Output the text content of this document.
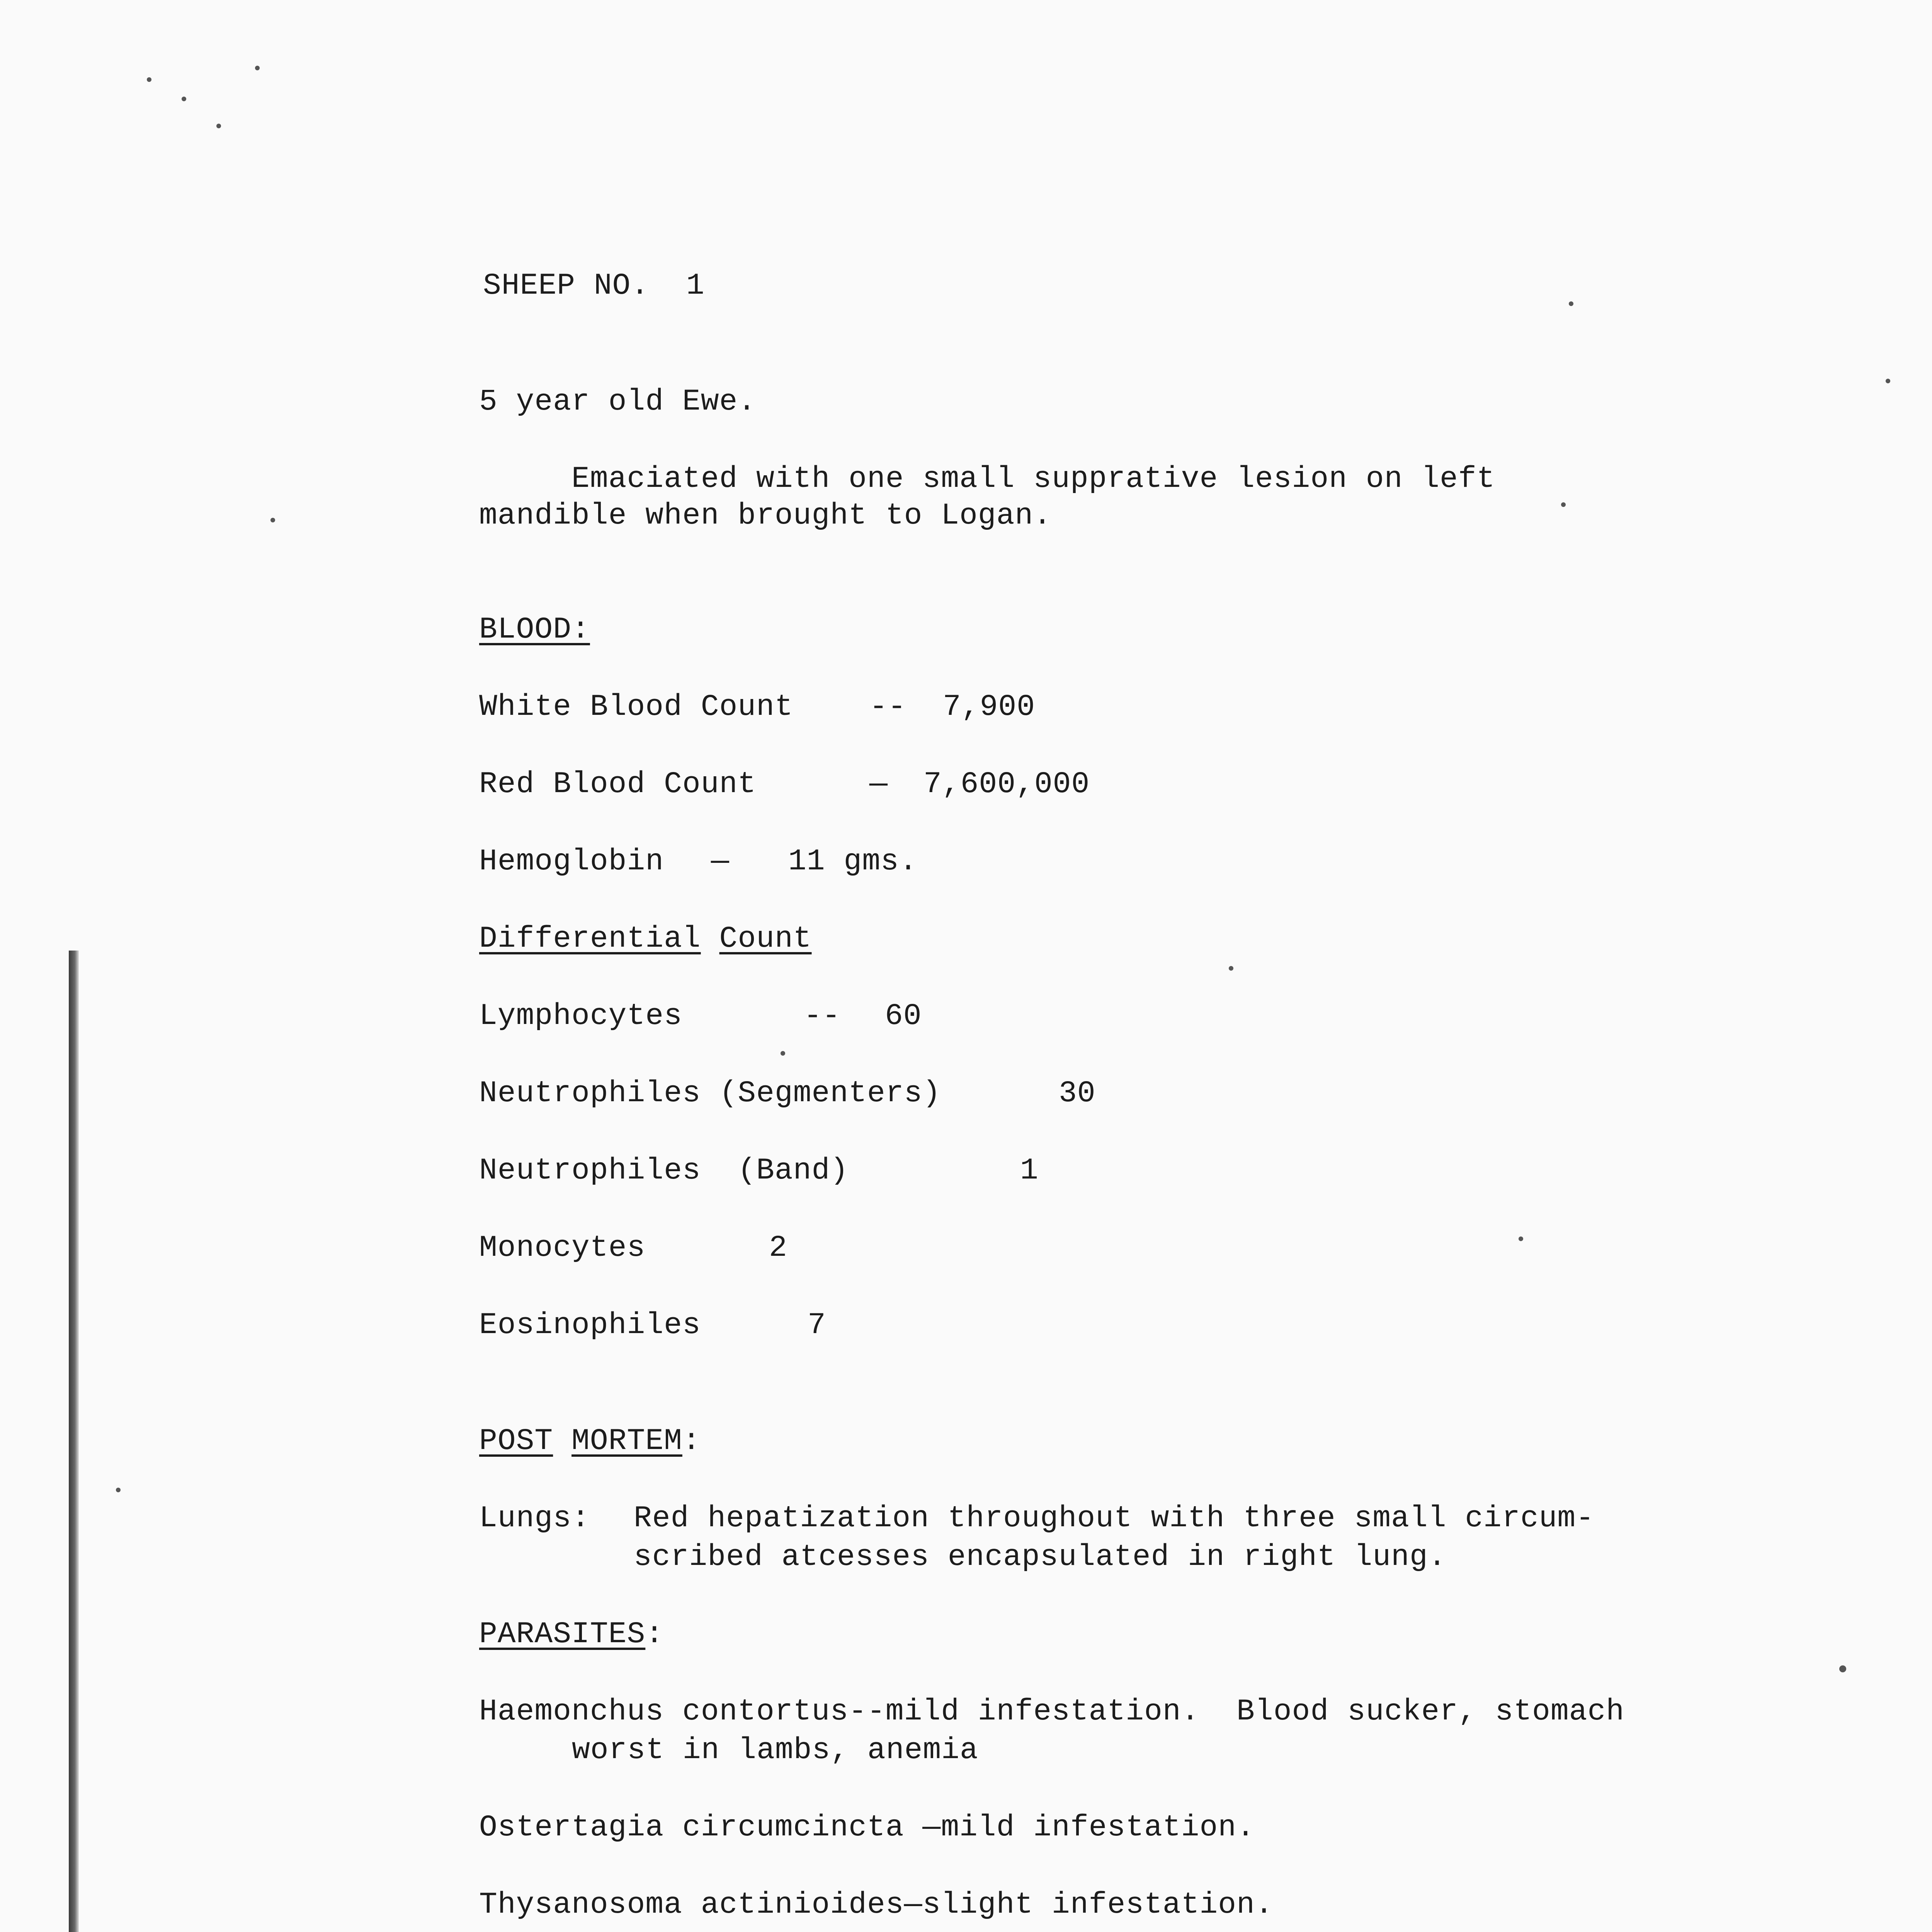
SHEEP NO. 1
5 year old Ewe.
Emaciated with one small supprative lesion on left
mandible when brought to Logan.
BLOOD:
White Blood Count	-- 7,900
Red Blood Count	— 7,600,000
Hemoglobin — 11 gms.
Differential Count
Lymphocytes	-- 60
Neutrophiles (Segmenters)	30
Neutrophiles  (Band)	1
Monocytes	2
Eosinophiles	7
POST MORTEM:
Lungs: Red hepatization throughout with three small circum-
scribed atcesses encapsulated in right lung.
PARASITES:
Haemonchus contortus--mild infestation.  Blood sucker, stomach
worst in lambs, anemia
Ostertagia circumcincta —mild infestation.
Thysanosoma actinioides—slight infestation.
